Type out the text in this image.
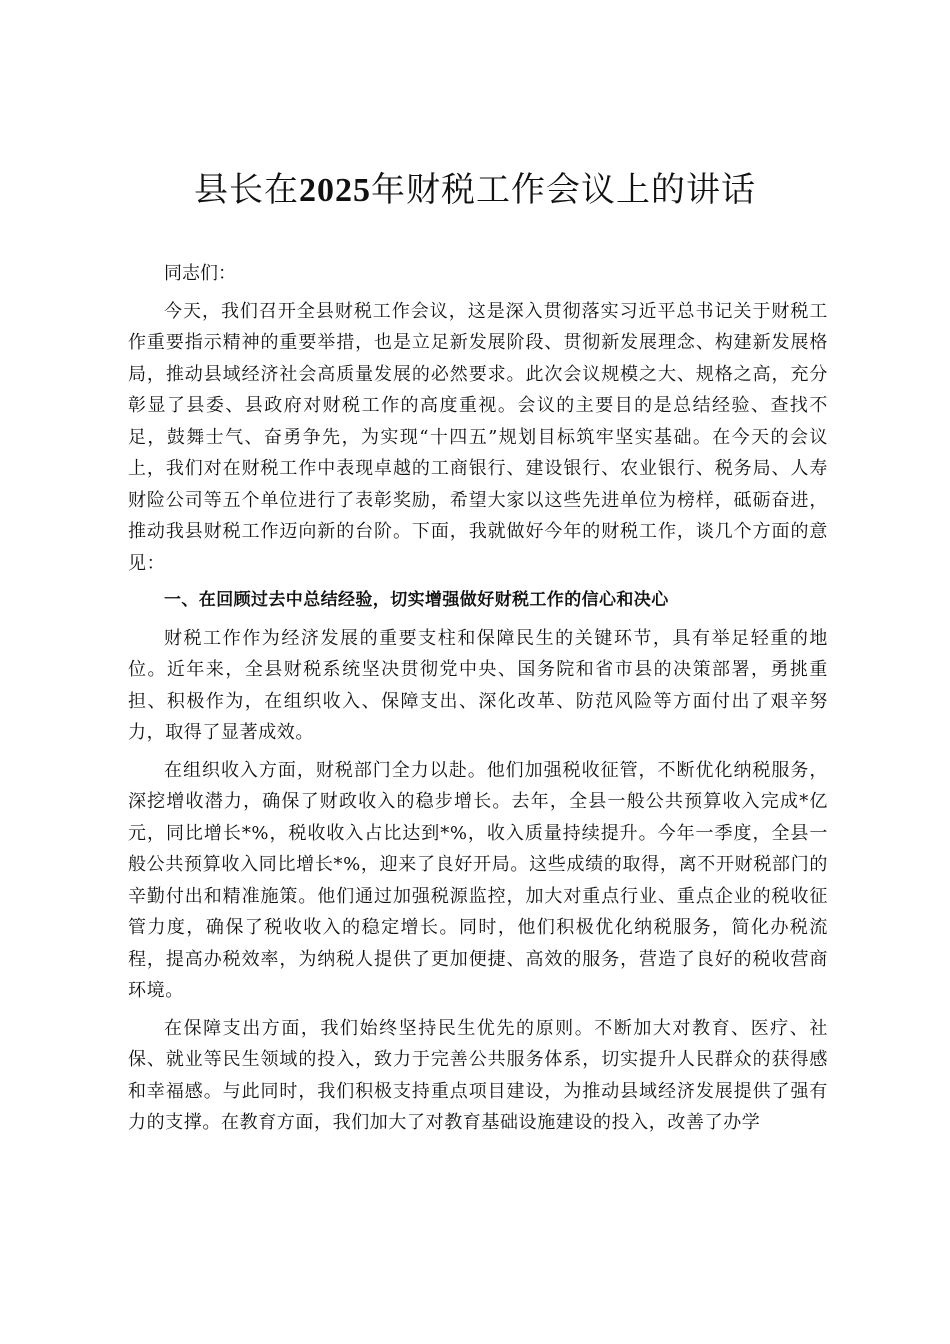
县长在2025年财税工作会议上的讲话

同志们：

今天，我们召开全县财税工作会议，这是深入贯彻落实习近平总书记关于财税工作重要指示精神的重要举措，也是立足新发展阶段、贯彻新发展理念、构建新发展格局，推动县域经济社会高质量发展的必然要求。此次会议规模之大、规格之高，充分彰显了县委、县政府对财税工作的高度重视。会议的主要目的是总结经验、查找不足，鼓舞士气、奋勇争先，为实现“十四五”规划目标筑牢坚实基础。在今天的会议上，我们对在财税工作中表现卓越的工商银行、建设银行、农业银行、税务局、人寿财险公司等五个单位进行了表彰奖励，希望大家以这些先进单位为榜样，砥砺奋进，推动我县财税工作迈向新的台阶。下面，我就做好今年的财税工作，谈几个方面的意见：

一、在回顾过去中总结经验，切实增强做好财税工作的信心和决心

财税工作作为经济发展的重要支柱和保障民生的关键环节，具有举足轻重的地位。近年来，全县财税系统坚决贯彻党中央、国务院和省市县的决策部署，勇挑重担、积极作为，在组织收入、保障支出、深化改革、防范风险等方面付出了艰辛努力，取得了显著成效。

在组织收入方面，财税部门全力以赴。他们加强税收征管，不断优化纳税服务，深挖增收潜力，确保了财政收入的稳步增长。去年，全县一般公共预算收入完成*亿元，同比增长*%，税收收入占比达到*%，收入质量持续提升。今年一季度，全县一般公共预算收入同比增长*%，迎来了良好开局。这些成绩的取得，离不开财税部门的辛勤付出和精准施策。他们通过加强税源监控，加大对重点行业、重点企业的税收征管力度，确保了税收收入的稳定增长。同时，他们积极优化纳税服务，简化办税流程，提高办税效率，为纳税人提供了更加便捷、高效的服务，营造了良好的税收营商环境。

在保障支出方面，我们始终坚持民生优先的原则。不断加大对教育、医疗、社保、就业等民生领域的投入，致力于完善公共服务体系，切实提升人民群众的获得感和幸福感。与此同时，我们积极支持重点项目建设，为推动县域经济发展提供了强有力的支撑。在教育方面，我们加大了对教育基础设施建设的投入，改善了办学
